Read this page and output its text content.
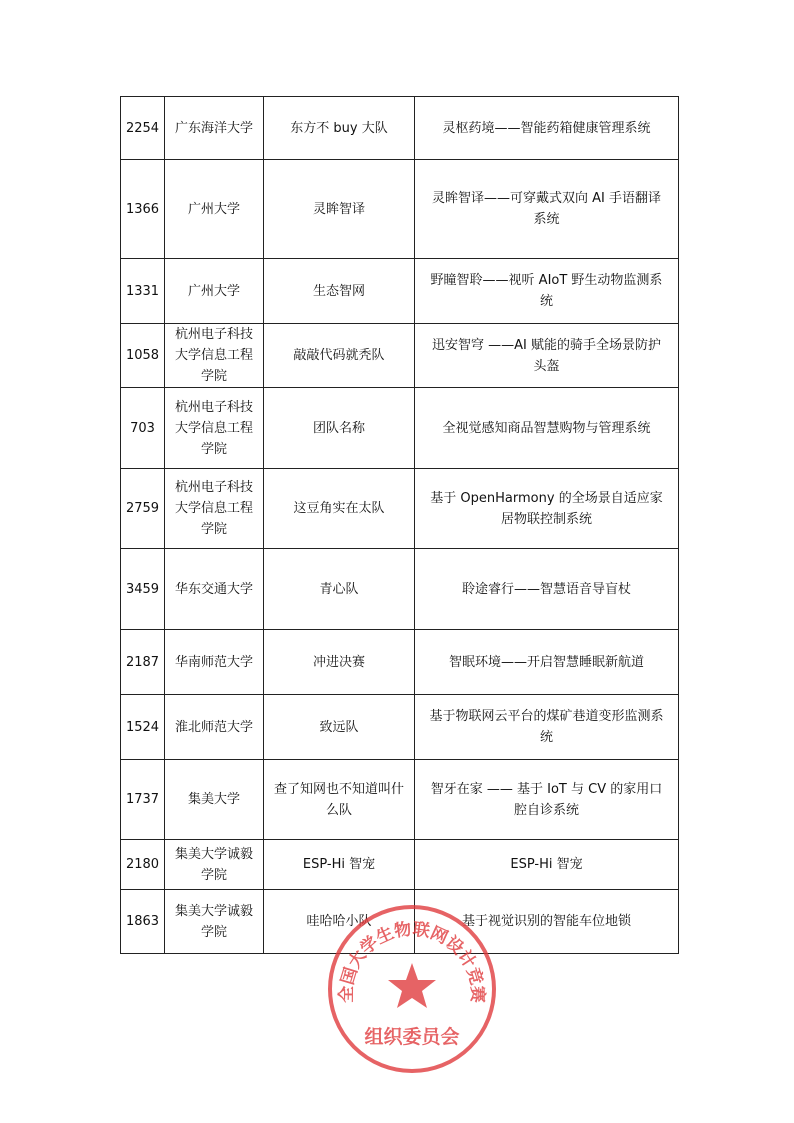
2254	广东海洋大学	东方不 buy 大队	灵枢药境——智能药箱健康管理系统
1366	广州大学	灵眸智译	灵眸智译——可穿戴式双向 AI 手语翻译系统
1331	广州大学	生态智网	野瞳智聆——视听 AIoT 野生动物监测系统
1058	杭州电子科技大学信息工程学院	敲敲代码就秃队	迅安智穹 ——AI 赋能的骑手全场景防护头盔
703	杭州电子科技大学信息工程学院	团队名称	全视觉感知商品智慧购物与管理系统
2759	杭州电子科技大学信息工程学院	这豆角实在太队	基于 OpenHarmony 的全场景自适应家居物联控制系统
3459	华东交通大学	青心队	聆途睿行——智慧语音导盲杖
2187	华南师范大学	冲进决赛	智眠环境——开启智慧睡眠新航道
1524	淮北师范大学	致远队	基于物联网云平台的煤矿巷道变形监测系统
1737	集美大学	查了知网也不知道叫什么队	智牙在家 —— 基于 IoT 与 CV 的家用口腔自诊系统
2180	集美大学诚毅学院	ESP-Hi 智宠	ESP-Hi 智宠
1863	集美大学诚毅学院	哇哈哈小队	基于视觉识别的智能车位地锁
全国大学生物联网设计竞赛
组织委员会
